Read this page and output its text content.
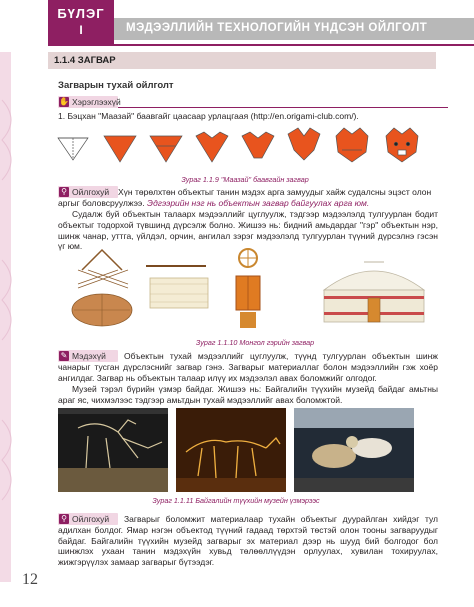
БҮЛЭГ
I	МЭДЭЭЛЛИЙН ТЕХНОЛОГИЙН ҮНДСЭН ОЙЛГОЛТ
1.1.4 ЗАГВАР
Загварын тухай ойлголт
✋ Хэрэглээхүй
1. Бэцхан "Маазай" баавгайг цаасаар урлацгаая (http://en.origami-club.com/).
Зураг 1.1.9 "Маазай" баавгайн загвар
⚲ Ойлгохуй Хүн төрөлхтөн объектыг танин мэдэх арга замуудыг хайж судалсны эцэст олон
аргыг боловсруулжээ. Эдгээрийн нэг нь объектын загвар байгуулах арга юм.
Судалж буй объектын талаарх мэдээллийг цуглуулж, тэдгээр мэдээлэлд тулгуурлан бодит объектыг тодорхой түвшинд дүрсэлж болно. Жишээ нь: бидний амьдардаг "гэр" объектын нэр, шинж чанар, уттга, үйлдэл, орчин, ангилал зэрэг мэдээлэлд тулгуурлан түүний дүрсэлнэ гэсэн үг юм.
Зураг 1.1.10 Монгол гэрийн загвар
✎ Мэдэхүй	Объектын тухай мэдээллийг цуглуулж, түүнд тулгуурлан объектын шинж чанарыг тусган дүрслэснийг загвар гэнэ. Загварыг материаллаг болон мэдээллийн гэж хоёр ангилдаг. Загвар нь объектын талаар илүү их мэдээлэл авах боломжийг олгодог.
Музей тэрэл бүрийн үзмэр байдаг. Жишээ нь: Байгалийн түүхийн музейд байдаг амьтны араг яс, чихмэлээс тэдгээр амьтдын тухай мэдээллийг авах боломжтой.
Зураг 1.1.11 Байгалийн түүхийн музейн үзмэрээс
⚲ Ойлгохуй	Загварыг боломжит материалаар тухайн объектыг дуурайлган хийдэг тул адилхан болдог. Ямар нэгэн объектод түүний гадаад төрхтэй төстэй олон тооны загваруудыг байдаг. Байгалийн түүхийн музейд загварыг эх материал дээр нь шууд бий болгодог бол шинжлэх ухаан танин мэдэхүйн хувьд төлөөллүүдэн орлуулах, хувилан тохируулах, жижгэрүүлэх замаар загварыг бүтээдэг.
12
